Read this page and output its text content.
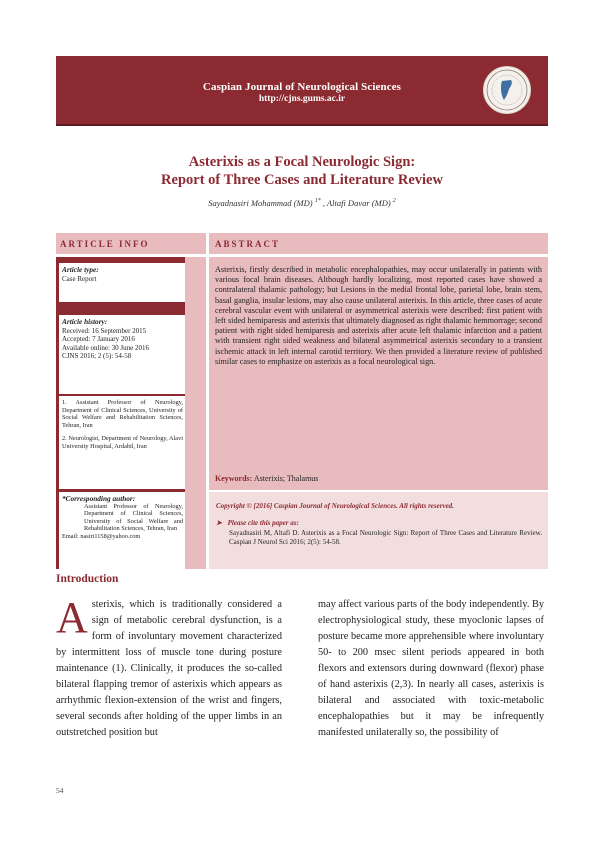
Caspian Journal of Neurological Sciences
http://cjns.gums.ac.ir
Asterixis as a Focal Neurologic Sign:
Report of Three Cases and Literature Review
Sayadnasiri Mohammad (MD) $^{1*}$ , Altafi Davar (MD) $^2$
ARTICLE INFO	ABSTRACT
Article type:
Case Report
Article history:
Received: 16 September 2015
Accepted: 7 January 2016
Available online: 30 June 2016
CJNS 2016; 2 (5): 54-58
1. Assistant Professor of Neurology, Department of Clinical Sciences, University of Social Welfare and Rehabilitation Sciences, Tehran, Iran
2. Neurologist, Department of Neurology, Alavi University Hospital, Ardabil, Iran
*Corresponding author:
Assistant Professor of Neurology, Department of Clinical Sciences, University of Social Welfare and Rehabilitation Sciences, Tehran, Iran
Email: nasiri1158@yahoo.com
Asterixis, firstly described in metabolic encephalopathies, may occur unilaterally in patients with various focal brain diseases. Although hardly localizing, most reported cases have showed a contralateral thalamic pathology; but Lesions in the medial frontal lobe, parietal lobe, brain stem, basal ganglia, insular lesions, may also cause unilateral asterixis. In this article, three cases of acute cerebral vascular event with unilateral or asymmetrical asterixis were described: first patient with left sided hemiparesis and asterixis that ultimately diagnosed as right thalamic hemmorrage; second patient with right sided hemiparesis and asterixis after acute left thalamic infarction and a patient with transient right sided weakness and bilateral asymmetrical asterixis secondary to a transient ischemic attack in left internal carotid territory. We then provided a literature review of published similar cases to emphasize on asterixis as a focal neurological sign.
Keywords: Asterixis; Thalamus
Copyright © [2016] Caspian Journal of Neurological Sciences. All rights reserved.
➤ Please cite this paper as:
Sayadnasiri M, Altafi D. Asterixis as a Focal Neurologic Sign: Report of Three Cases and Literature Review. Caspian J Neurol Sci 2016; 2(5): 54-58.
Introduction
Asterixis, which is traditionally considered a sign of metabolic cerebral dysfunction, is a form of involuntary movement characterized by intermittent loss of muscle tone during posture maintenance (1). Clinically, it produces the so-called bilateral flapping tremor of asterixis which appears as arrhythmic flexion-extension of the wrist and fingers, several seconds after holding of the upper limbs in an outstretched position but
may affect various parts of the body independently. By electrophysiological study, these myoclonic lapses of posture became more apprehensible where involuntary 50- to 200 msec silent periods appeared in both flexors and extensors during downward (flexor) phase of hand asterixis (2,3). In nearly all cases, asterixis is bilateral and associated with toxic-metabolic encephalopathies but it may be infrequently manifested unilaterally so, the possibility of
54
